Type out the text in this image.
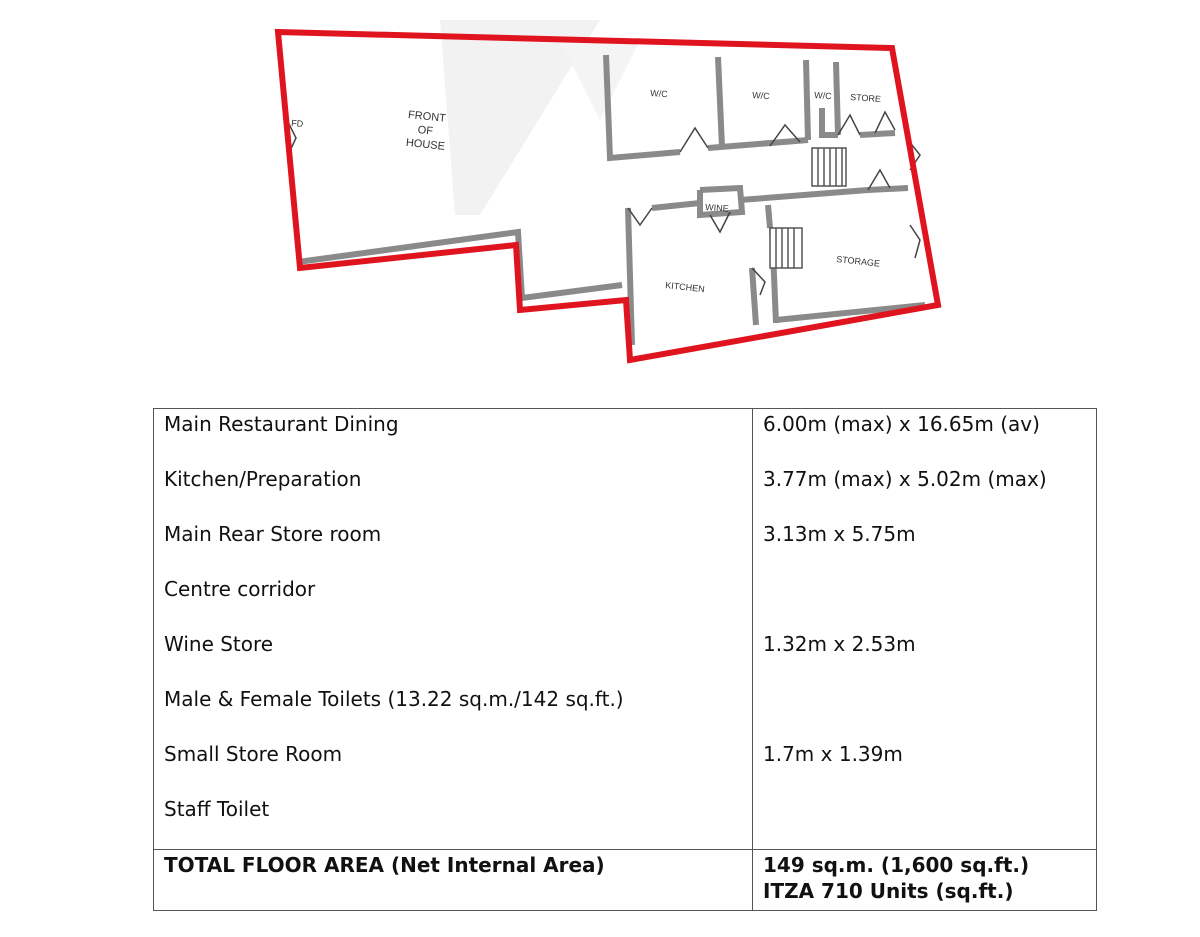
FD	FRONT OF HOUSE
W/C	W/C	W/C STORE
WINE
KITCHEN
STORAGE
Main Restaurant Dining	6.00m (max) x 16.65m (av)
Kitchen/Preparation	3.77m (max) x 5.02m (max)
Main Rear Store room	3.13m x 5.75m
Centre corridor	
Wine Store	1.32m x 2.53m
Male & Female Toilets (13.22 sq.m./142 sq.ft.)	
Small Store Room	1.7m x 1.39m
Staff Toilet	
TOTAL FLOOR AREA (Net Internal Area)	149 sq.m. (1,600 sq.ft.)
ITZA 710 Units (sq.ft.)
